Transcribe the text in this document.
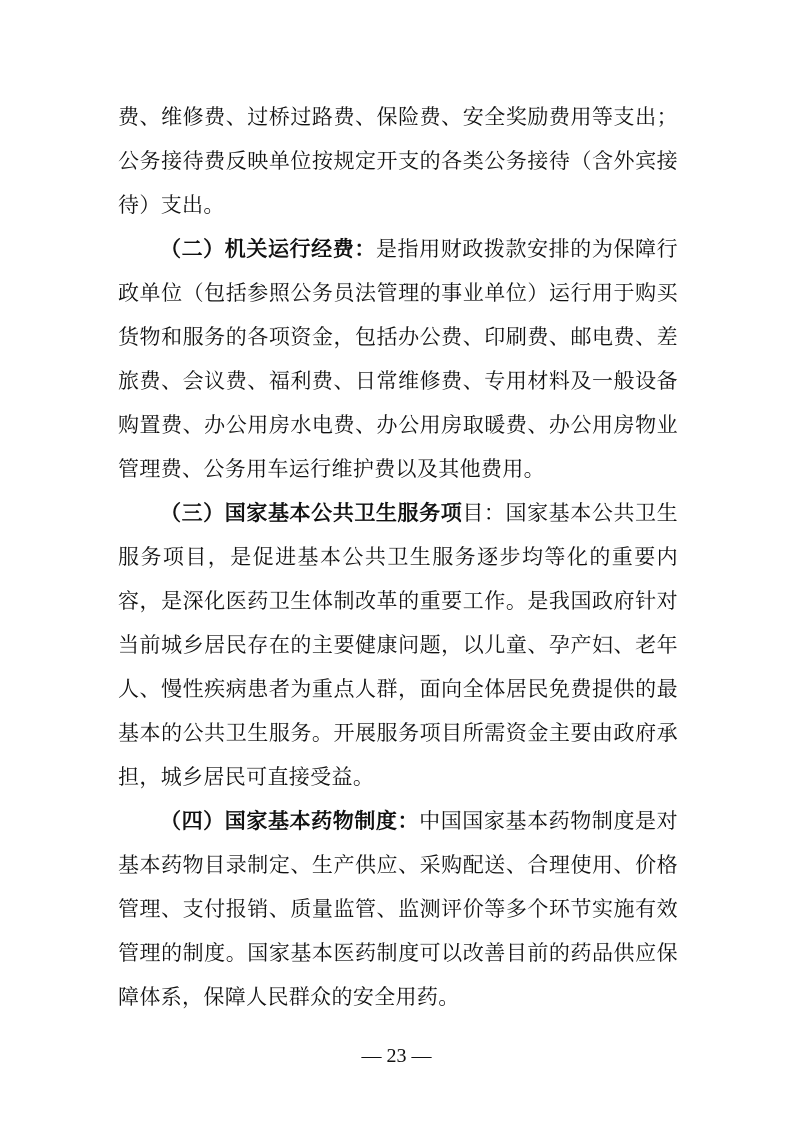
费、维修费、过桥过路费、保险费、安全奖励费用等支出；
公务接待费反映单位按规定开支的各类公务接待（含外宾接
待）支出。
（二）机关运行经费：是指用财政拨款安排的为保障行
政单位（包括参照公务员法管理的事业单位）运行用于购买
货物和服务的各项资金，包括办公费、印刷费、邮电费、差
旅费、会议费、福利费、日常维修费、专用材料及一般设备
购置费、办公用房水电费、办公用房取暖费、办公用房物业
管理费、公务用车运行维护费以及其他费用。
（三）国家基本公共卫生服务项目：国家基本公共卫生
服务项目，是促进基本公共卫生服务逐步均等化的重要内
容，是深化医药卫生体制改革的重要工作。是我国政府针对
当前城乡居民存在的主要健康问题，以儿童、孕产妇、老年
人、慢性疾病患者为重点人群，面向全体居民免费提供的最
基本的公共卫生服务。开展服务项目所需资金主要由政府承
担，城乡居民可直接受益。
（四）国家基本药物制度：中国国家基本药物制度是对
基本药物目录制定、生产供应、采购配送、合理使用、价格
管理、支付报销、质量监管、监测评价等多个环节实施有效
管理的制度。国家基本医药制度可以改善目前的药品供应保
障体系，保障人民群众的安全用药。
— 23 —
